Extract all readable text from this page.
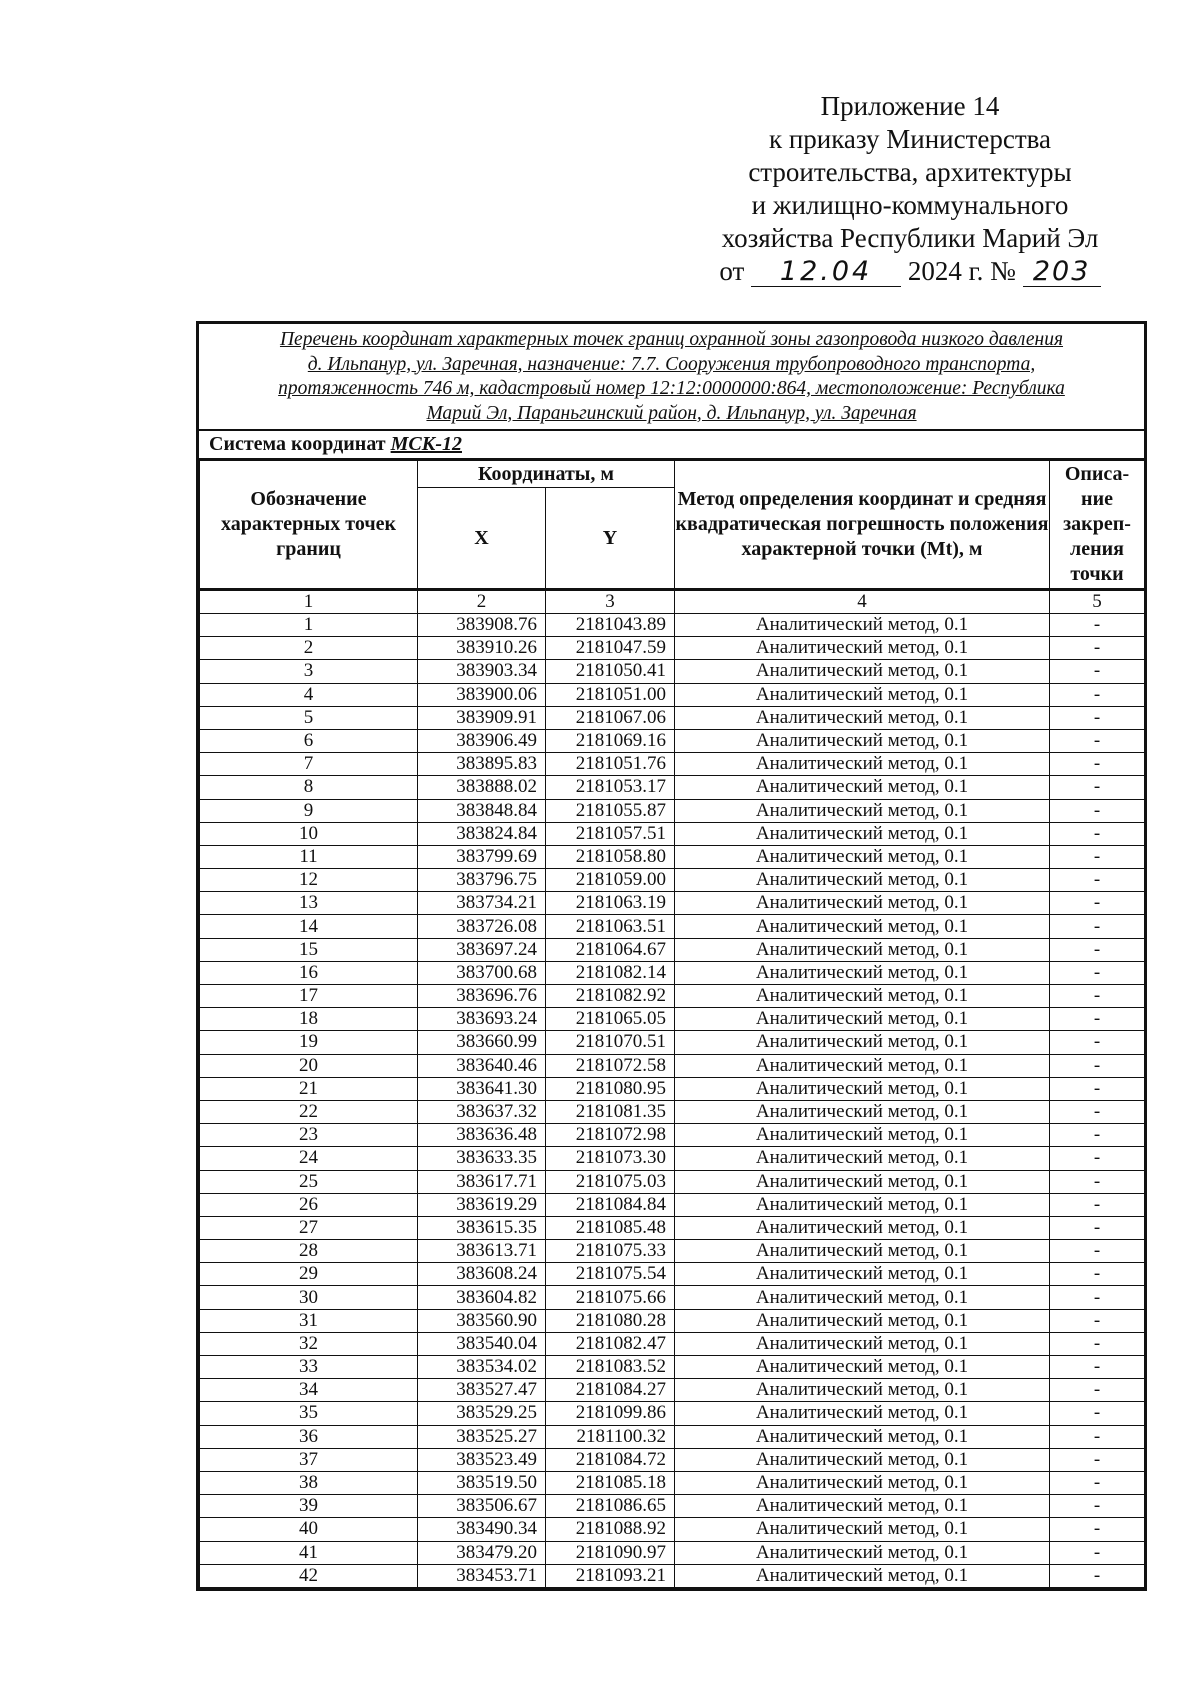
Приложение 14
к приказу Министерства
строительства, архитектуры
и жилищно-коммунального
хозяйства Республики Марий Эл
от 12.04 2024 г. № 203
Перечень координат характерных точек границ охранной зоны газопровода низкого давления
д. Ильпанур, ул. Заречная, назначение: 7.7. Сооружения трубопроводного транспорта,
протяженность 746 м, кадастровый номер 12:12:0000000:864, местоположение: Республика
Марий Эл, Параньгинский район, д. Ильпанур, ул. Заречная
Система координат МСК-12
Обозначение характерных точек границ	Координаты, м		Метод определения координат и средняя квадратическая погрешность положения характерной точки (Mt), м	Описа-ние закреп-ления точки
	X	Y		
1	2	3	4	5
1	383908.76	2181043.89	Аналитический метод, 0.1	-
2	383910.26	2181047.59	Аналитический метод, 0.1	-
3	383903.34	2181050.41	Аналитический метод, 0.1	-
4	383900.06	2181051.00	Аналитический метод, 0.1	-
5	383909.91	2181067.06	Аналитический метод, 0.1	-
6	383906.49	2181069.16	Аналитический метод, 0.1	-
7	383895.83	2181051.76	Аналитический метод, 0.1	-
8	383888.02	2181053.17	Аналитический метод, 0.1	-
9	383848.84	2181055.87	Аналитический метод, 0.1	-
10	383824.84	2181057.51	Аналитический метод, 0.1	-
11	383799.69	2181058.80	Аналитический метод, 0.1	-
12	383796.75	2181059.00	Аналитический метод, 0.1	-
13	383734.21	2181063.19	Аналитический метод, 0.1	-
14	383726.08	2181063.51	Аналитический метод, 0.1	-
15	383697.24	2181064.67	Аналитический метод, 0.1	-
16	383700.68	2181082.14	Аналитический метод, 0.1	-
17	383696.76	2181082.92	Аналитический метод, 0.1	-
18	383693.24	2181065.05	Аналитический метод, 0.1	-
19	383660.99	2181070.51	Аналитический метод, 0.1	-
20	383640.46	2181072.58	Аналитический метод, 0.1	-
21	383641.30	2181080.95	Аналитический метод, 0.1	-
22	383637.32	2181081.35	Аналитический метод, 0.1	-
23	383636.48	2181072.98	Аналитический метод, 0.1	-
24	383633.35	2181073.30	Аналитический метод, 0.1	-
25	383617.71	2181075.03	Аналитический метод, 0.1	-
26	383619.29	2181084.84	Аналитический метод, 0.1	-
27	383615.35	2181085.48	Аналитический метод, 0.1	-
28	383613.71	2181075.33	Аналитический метод, 0.1	-
29	383608.24	2181075.54	Аналитический метод, 0.1	-
30	383604.82	2181075.66	Аналитический метод, 0.1	-
31	383560.90	2181080.28	Аналитический метод, 0.1	-
32	383540.04	2181082.47	Аналитический метод, 0.1	-
33	383534.02	2181083.52	Аналитический метод, 0.1	-
34	383527.47	2181084.27	Аналитический метод, 0.1	-
35	383529.25	2181099.86	Аналитический метод, 0.1	-
36	383525.27	2181100.32	Аналитический метод, 0.1	-
37	383523.49	2181084.72	Аналитический метод, 0.1	-
38	383519.50	2181085.18	Аналитический метод, 0.1	-
39	383506.67	2181086.65	Аналитический метод, 0.1	-
40	383490.34	2181088.92	Аналитический метод, 0.1	-
41	383479.20	2181090.97	Аналитический метод, 0.1	-
42	383453.71	2181093.21	Аналитический метод, 0.1	-
